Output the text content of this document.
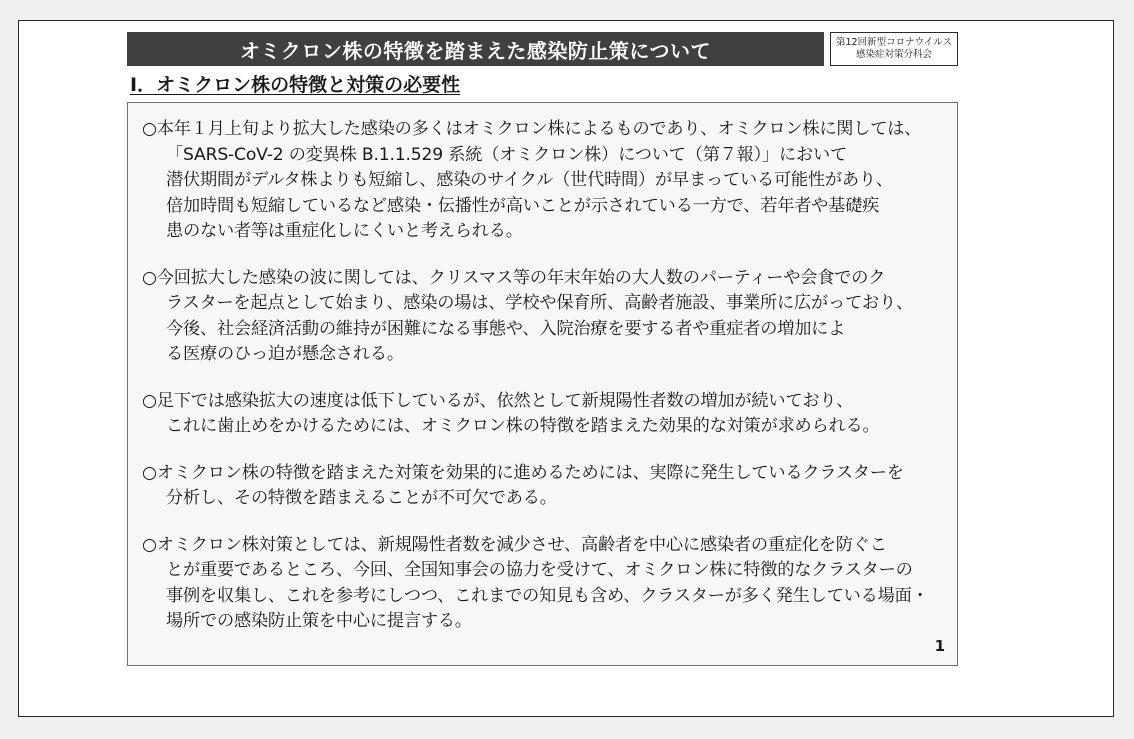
オミクロン株の特徴を踏まえた感染防止策について	第12回新型コロナウイルス
感染症対策分科会
Ⅰ．オミクロン株の特徴と対策の必要性

○本年１月上旬より拡大した感染の多くはオミクロン株によるものであり、オミクロン株に関しては、
「SARS-CoV-2 の変異株 B.1.1.529 系統（オミクロン株）について（第７報）」において
潜伏期間がデルタ株よりも短縮し、感染のサイクル（世代時間）が早まっている可能性があり、
倍加時間も短縮しているなど感染・伝播性が高いことが示されている一方で、若年者や基礎疾
患のない者等は重症化しにくいと考えられる。

○今回拡大した感染の波に関しては、クリスマス等の年末年始の大人数のパーティーや会食でのク
ラスターを起点として始まり、感染の場は、学校や保育所、高齢者施設、事業所に広がっており、
今後、社会経済活動の維持が困難になる事態や、入院治療を要する者や重症者の増加によ
る医療のひっ迫が懸念される。

○足下では感染拡大の速度は低下しているが、依然として新規陽性者数の増加が続いており、
これに歯止めをかけるためには、オミクロン株の特徴を踏まえた効果的な対策が求められる。

○オミクロン株の特徴を踏まえた対策を効果的に進めるためには、実際に発生しているクラスターを
分析し、その特徴を踏まえることが不可欠である。

○オミクロン株対策としては、新規陽性者数を減少させ、高齢者を中心に感染者の重症化を防ぐこ
とが重要であるところ、今回、全国知事会の協力を受けて、オミクロン株に特徴的なクラスターの
事例を収集し、これを参考にしつつ、これまでの知見も含め、クラスターが多く発生している場面・
場所での感染防止策を中心に提言する。

1
